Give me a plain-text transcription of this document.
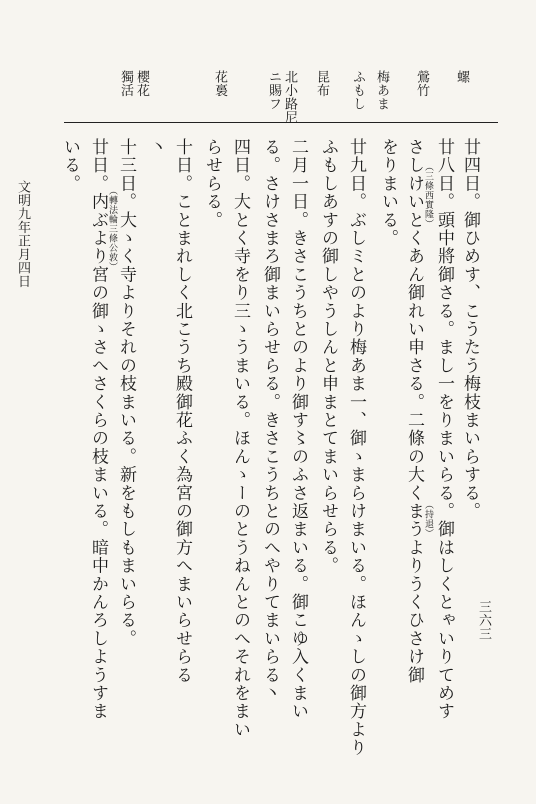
螺
鶯竹
梅あま
ふもし
昆布
北小路尼
ニ賜フ
花裛
櫻花
獨活
廿四日。御ひめす、こうたう梅枝まいらする。
廿八日。頭中將御さる。まし一をりまいらる。御はしくとゃいりてめす
（三條西實隆）
（持退）
さしけいとくあん御れい申さる。二條の大くまうよりうくひさけ御
をりまいる。
廿九日。ぶしミとのより梅あま一、御ゝまらけまいる。ほんゝしの御方より
ふもしあすの御しやうしんと申まとてまいらせらる。
二月一日。きさこうちとのより御す〻のふさ返まいる。御こゆ入くまい
る。さけさまろ御まいらせらる。きさこうちとのへやりてまいらる丶
四日。大とく寺をり三ゝうまいる。ほんゝーのとうねんとのへそれをまい
らせらる。
十日。ことまれしく北こうち殿御花ふく為宮の御方へまいらせらる
丶
十三日。大ゝく寺よりそれの枝まいる。新をもしもまいらる。
（轉法輪三條公敦）
廿日。内ぶより宮の御ゝさへさくらの枝まいる。暗中かんろしようすま
いる。
文明九年正月四日
三六三
